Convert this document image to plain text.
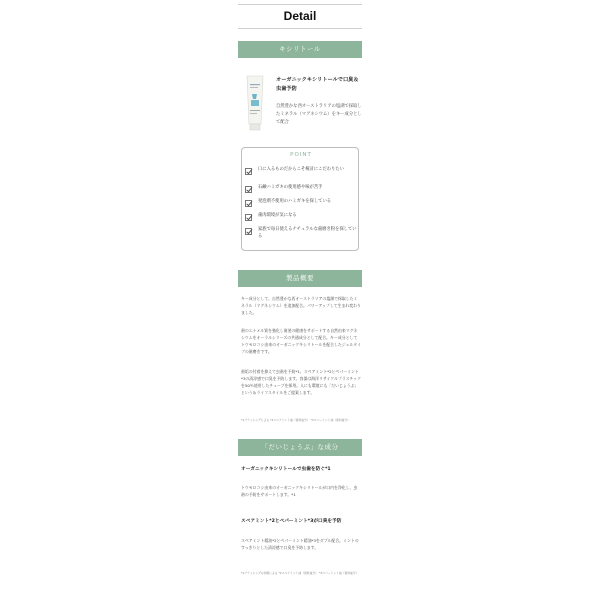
Detail
キシリトール
オーガニックキシリトールで口臭＆虫歯予防
自然豊かな西オーストラリアの塩湖で採取したミネラル（マグネシウム）をキー成分として配合
POINT
口に入るものだからこそ検討にこだわりたい
石鹸ハミガキの使用感や味が苦手
発泡剤不使用のハミガキを探している
歯肉環境が気になる
家族で毎日使えるナチュラルな歯磨き粉を探している
製品概要
キー成分として、自然豊かな西オーストラリアの塩湖で採取したミネラル（マグネシウム）を追加配合。パワーアップして生まれ変わりました。
歯のエナメル質を強化し歯茎の健康をサポートする自然由来マグネシウムをオーラルシリーズの共通成分として配合。キー成分としてトウモロコシ由来のオーガニックキシリトールを配合したジェルタイプの歯磨きです。
歯垢の付着を抑えて虫歯を予防*1。スペアミント*2とペパーミント*3の清涼感で口臭を予防します。容器は海洋リサイクルプラスチックを50％使用したチューブを採用。人にも環境にも「だいじょうぶ」という＆ライフスタイルをご提案します。
*1ブラッシングによる *2スペアミント油（香料成分） *3ペパーミント油（香料成分）
「だいじょうぶ」な成分
オーガニックキシリトールで虫歯を防ぐ*1
トウモロコシ由来のオーガニックキシリトールが口内を浄化し、虫歯の予防をサポートします。*1
スペアミント*2とペパーミント*3が口臭を予防
スペアミント精油*2とペパーミント精油*3をダブル配合。ミントのすっきりとした清涼感で口臭を予防します。
*1ブラッシングの効果による *2スペアミント油（香料成分） *3ペパーミント油（香料成分）
